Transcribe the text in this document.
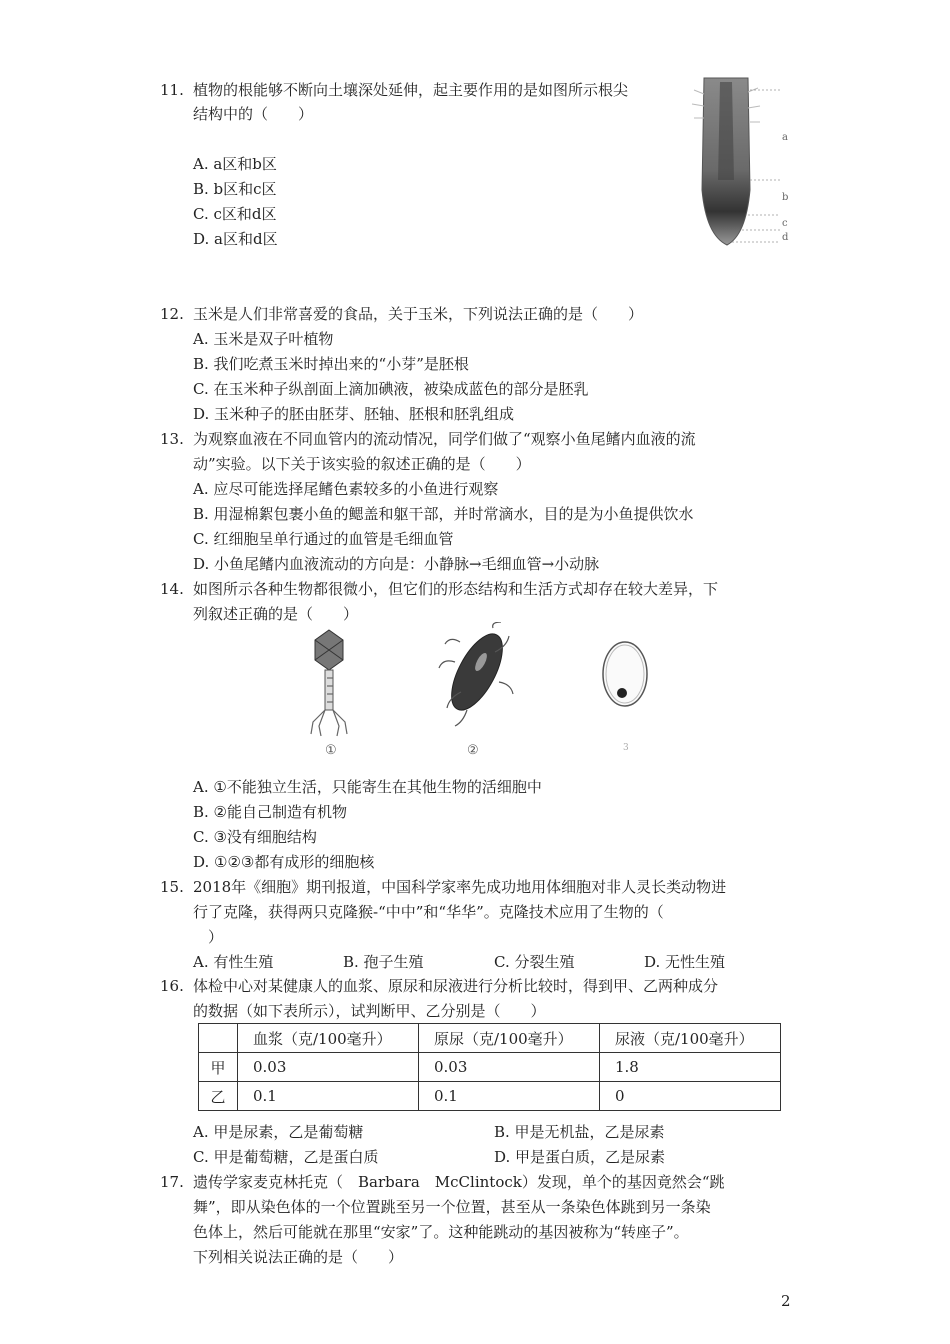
11. 植物的根能够不断向土壤深处延伸，起主要作用的是如图所示根尖
结构中的（　　）
A. a区和b区
B. b区和c区
C. c区和d区
D. a区和d区
a
b
c
d
12. 玉米是人们非常喜爱的食品，关于玉米，下列说法正确的是（　　）
A. 玉米是双子叶植物
B. 我们吃煮玉米时掉出来的“小芽”是胚根
C. 在玉米种子纵剖面上滴加碘液，被染成蓝色的部分是胚乳
D. 玉米种子的胚由胚芽、胚轴、胚根和胚乳组成
13. 为观察血液在不同血管内的流动情况，同学们做了“观察小鱼尾鳍内血液的流
动”实验。以下关于该实验的叙述正确的是（　　）
A. 应尽可能选择尾鳍色素较多的小鱼进行观察
B. 用湿棉絮包裹小鱼的鳃盖和躯干部，并时常滴水，目的是为小鱼提供饮水
C. 红细胞呈单行通过的血管是毛细血管
D. 小鱼尾鳍内血液流动的方向是：小静脉→毛细血管→小动脉
14. 如图所示各种生物都很微小，但它们的形态结构和生活方式却存在较大差异，下
列叙述正确的是（　　）
①	②	3
A. ①不能独立生活，只能寄生在其他生物的活细胞中
B. ②能自己制造有机物
C. ③没有细胞结构
D. ①②③都有成形的细胞核
15. 2018年《细胞》期刊报道，中国科学家率先成功地用体细胞对非人灵长类动物进
行了克隆，获得两只克隆猴-“中中”和“华华”。克隆技术应用了生物的（
）
A. 有性生殖	B. 孢子生殖	C. 分裂生殖	D. 无性生殖
16. 体检中心对某健康人的血浆、原尿和尿液进行分析比较时，得到甲、乙两种成分
的数据（如下表所示），试判断甲、乙分别是（　　）
	血浆（克/100毫升）	原尿（克/100毫升）	尿液（克/100毫升）
甲	0.03	0.03	1.8
乙	0.1	0.1	0
A. 甲是尿素，乙是葡萄糖	B. 甲是无机盐，乙是尿素
C. 甲是葡萄糖，乙是蛋白质	D. 甲是蛋白质，乙是尿素
17. 遗传学家麦克林托克（　Barbara　McClintock）发现，单个的基因竟然会“跳
舞”，即从染色体的一个位置跳至另一个位置，甚至从一条染色体跳到另一条染
色体上，然后可能就在那里“安家”了。这种能跳动的基因被称为“转座子”。
下列相关说法正确的是（　　）
2
